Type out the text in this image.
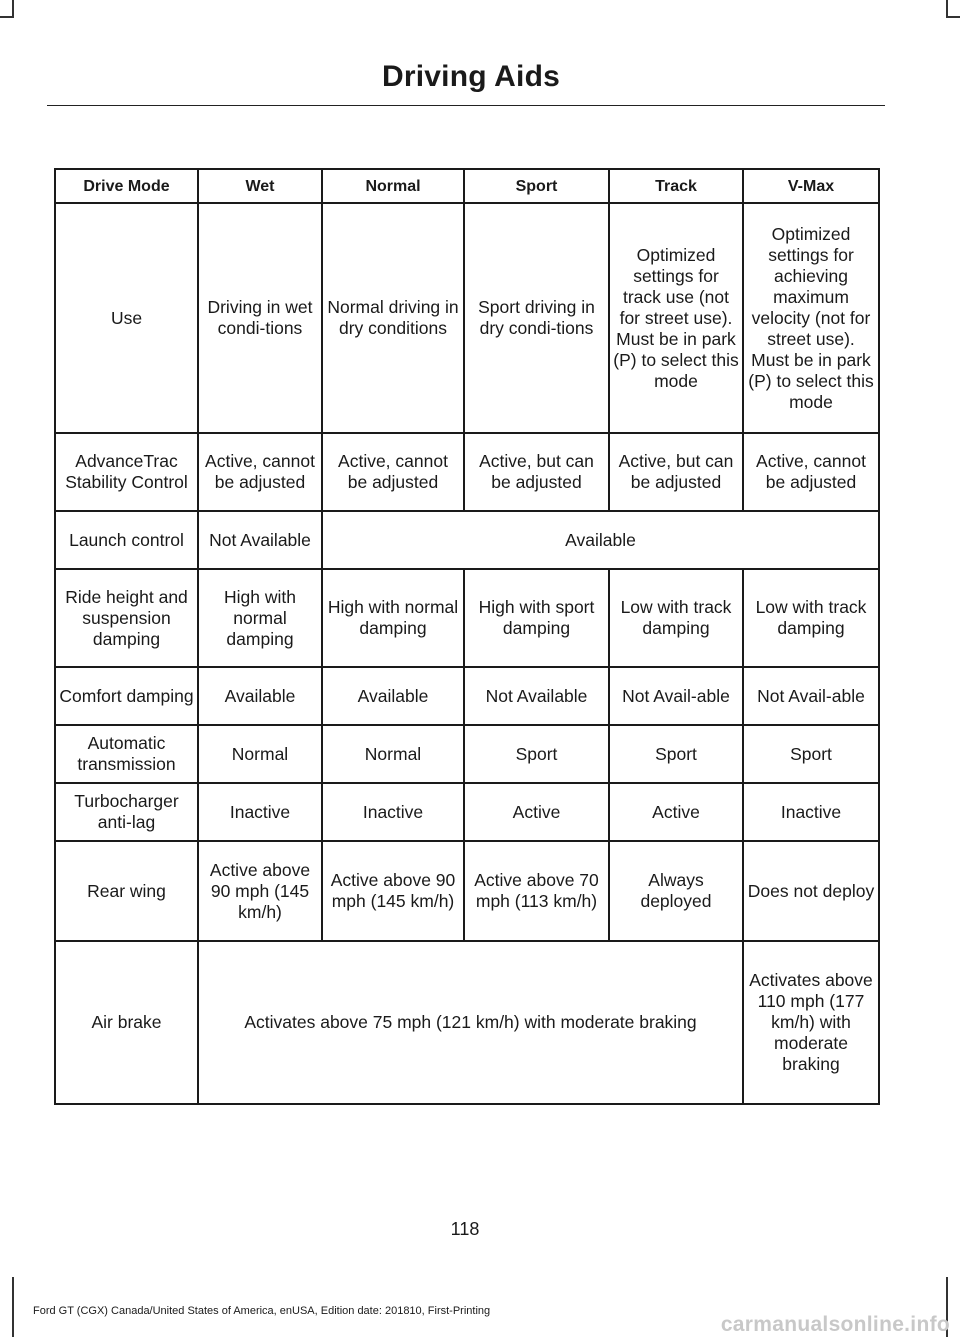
Driving Aids
Drive Mode	Wet	Normal	Sport	Track	V-Max
Use	Driving in wet condi-tions	Normal driving in dry conditions	Sport driving in dry condi-tions	Optimized settings for track use (not for street use). Must be in park (P) to select this mode	Optimized settings for achieving maximum velocity (not for street use). Must be in park (P) to select this mode
AdvanceTrac Stability Control	Active, cannot be adjusted	Active, cannot be adjusted	Active, but can be adjusted	Active, but can be adjusted	Active, cannot be adjusted
Launch control	Not Available	Available			
Ride height and suspension damping	High with normal damping	High with normal damping	High with sport damping	Low with track damping	Low with track damping
Comfort damping	Available	Available	Not Available	Not Avail-able	Not Avail-able
Automatic transmission	Normal	Normal	Sport	Sport	Sport
Turbocharger anti-lag	Inactive	Inactive	Active	Active	Inactive
Rear wing	Active above 90 mph (145 km/h)	Active above 90 mph (145 km/h)	Active above 70 mph (113 km/h)	Always deployed	Does not deploy
Air brake	Activates above 75 mph (121 km/h) with moderate braking				Activates above 110 mph (177 km/h) with moderate braking
118
Ford GT (CGX) Canada/United States of America, enUSA, Edition date: 201810, First-Printing
carmanualsonline.info
